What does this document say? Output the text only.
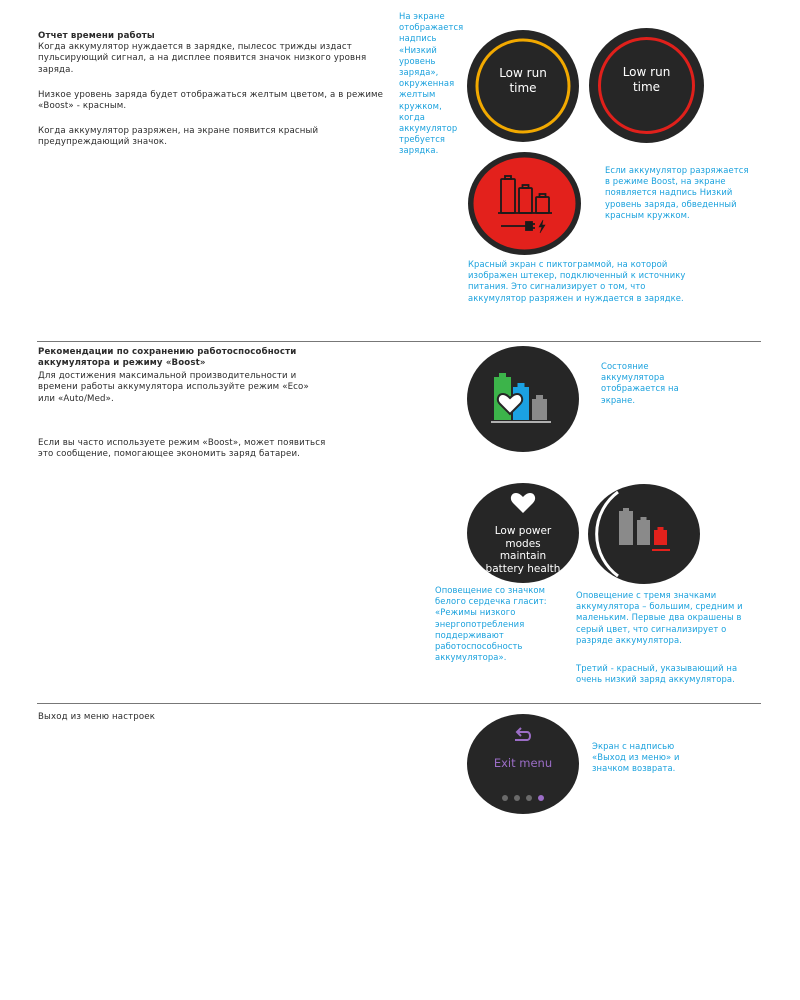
Отчет времени работы
Когда аккумулятор нуждается в зарядке, пылесос трижды издаст пульсирующий сигнал, а на дисплее появится значок низкого уровня заряда.
Низкое уровень заряда будет отображаться желтым цветом, а в режиме «Boost» - красным.
Когда аккумулятор разряжен, на экране появится красный предупреждающий значок.
На экране отображается надпись «Низкий уровень заряда», окруженная желтым кружком, когда аккумулятор требуется зарядка.
Low run time
Low run time
Если аккумулятор разряжается в режиме Boost, на экране появляется надпись Низкий уровень заряда, обведенный красным кружком.
Красный экран с пиктограммой, на которой изображен штекер, подключенный к источнику питания. Это сигнализирует о том, что аккумулятор разряжен и нуждается в зарядке.
Рекомендации по сохранению работоспособности
аккумулятора и режиму «Boost»
Для достижения максимальной производительности и времени работы аккумулятора используйте режим «Eco» или «Auto/Med».
Если вы часто используете режим «Boost», может появиться это сообщение, помогающее экономить заряд батареи.
Состояние аккумулятора отображается на экране.
Low power modes maintain battery health
Оповещение со значком белого сердечка гласит: «Режимы низкого энергопотребления поддерживают работоспособность аккумулятора».
Оповещение с тремя значками аккумулятора – большим, средним и маленьким. Первые два окрашены в серый цвет, что сигнализирует о разряде аккумулятора.
Третий - красный, указывающий на очень низкий заряд аккумулятора.
Выход из меню настроек
Exit menu
Экран с надписью «Выход из меню» и значком возврата.
